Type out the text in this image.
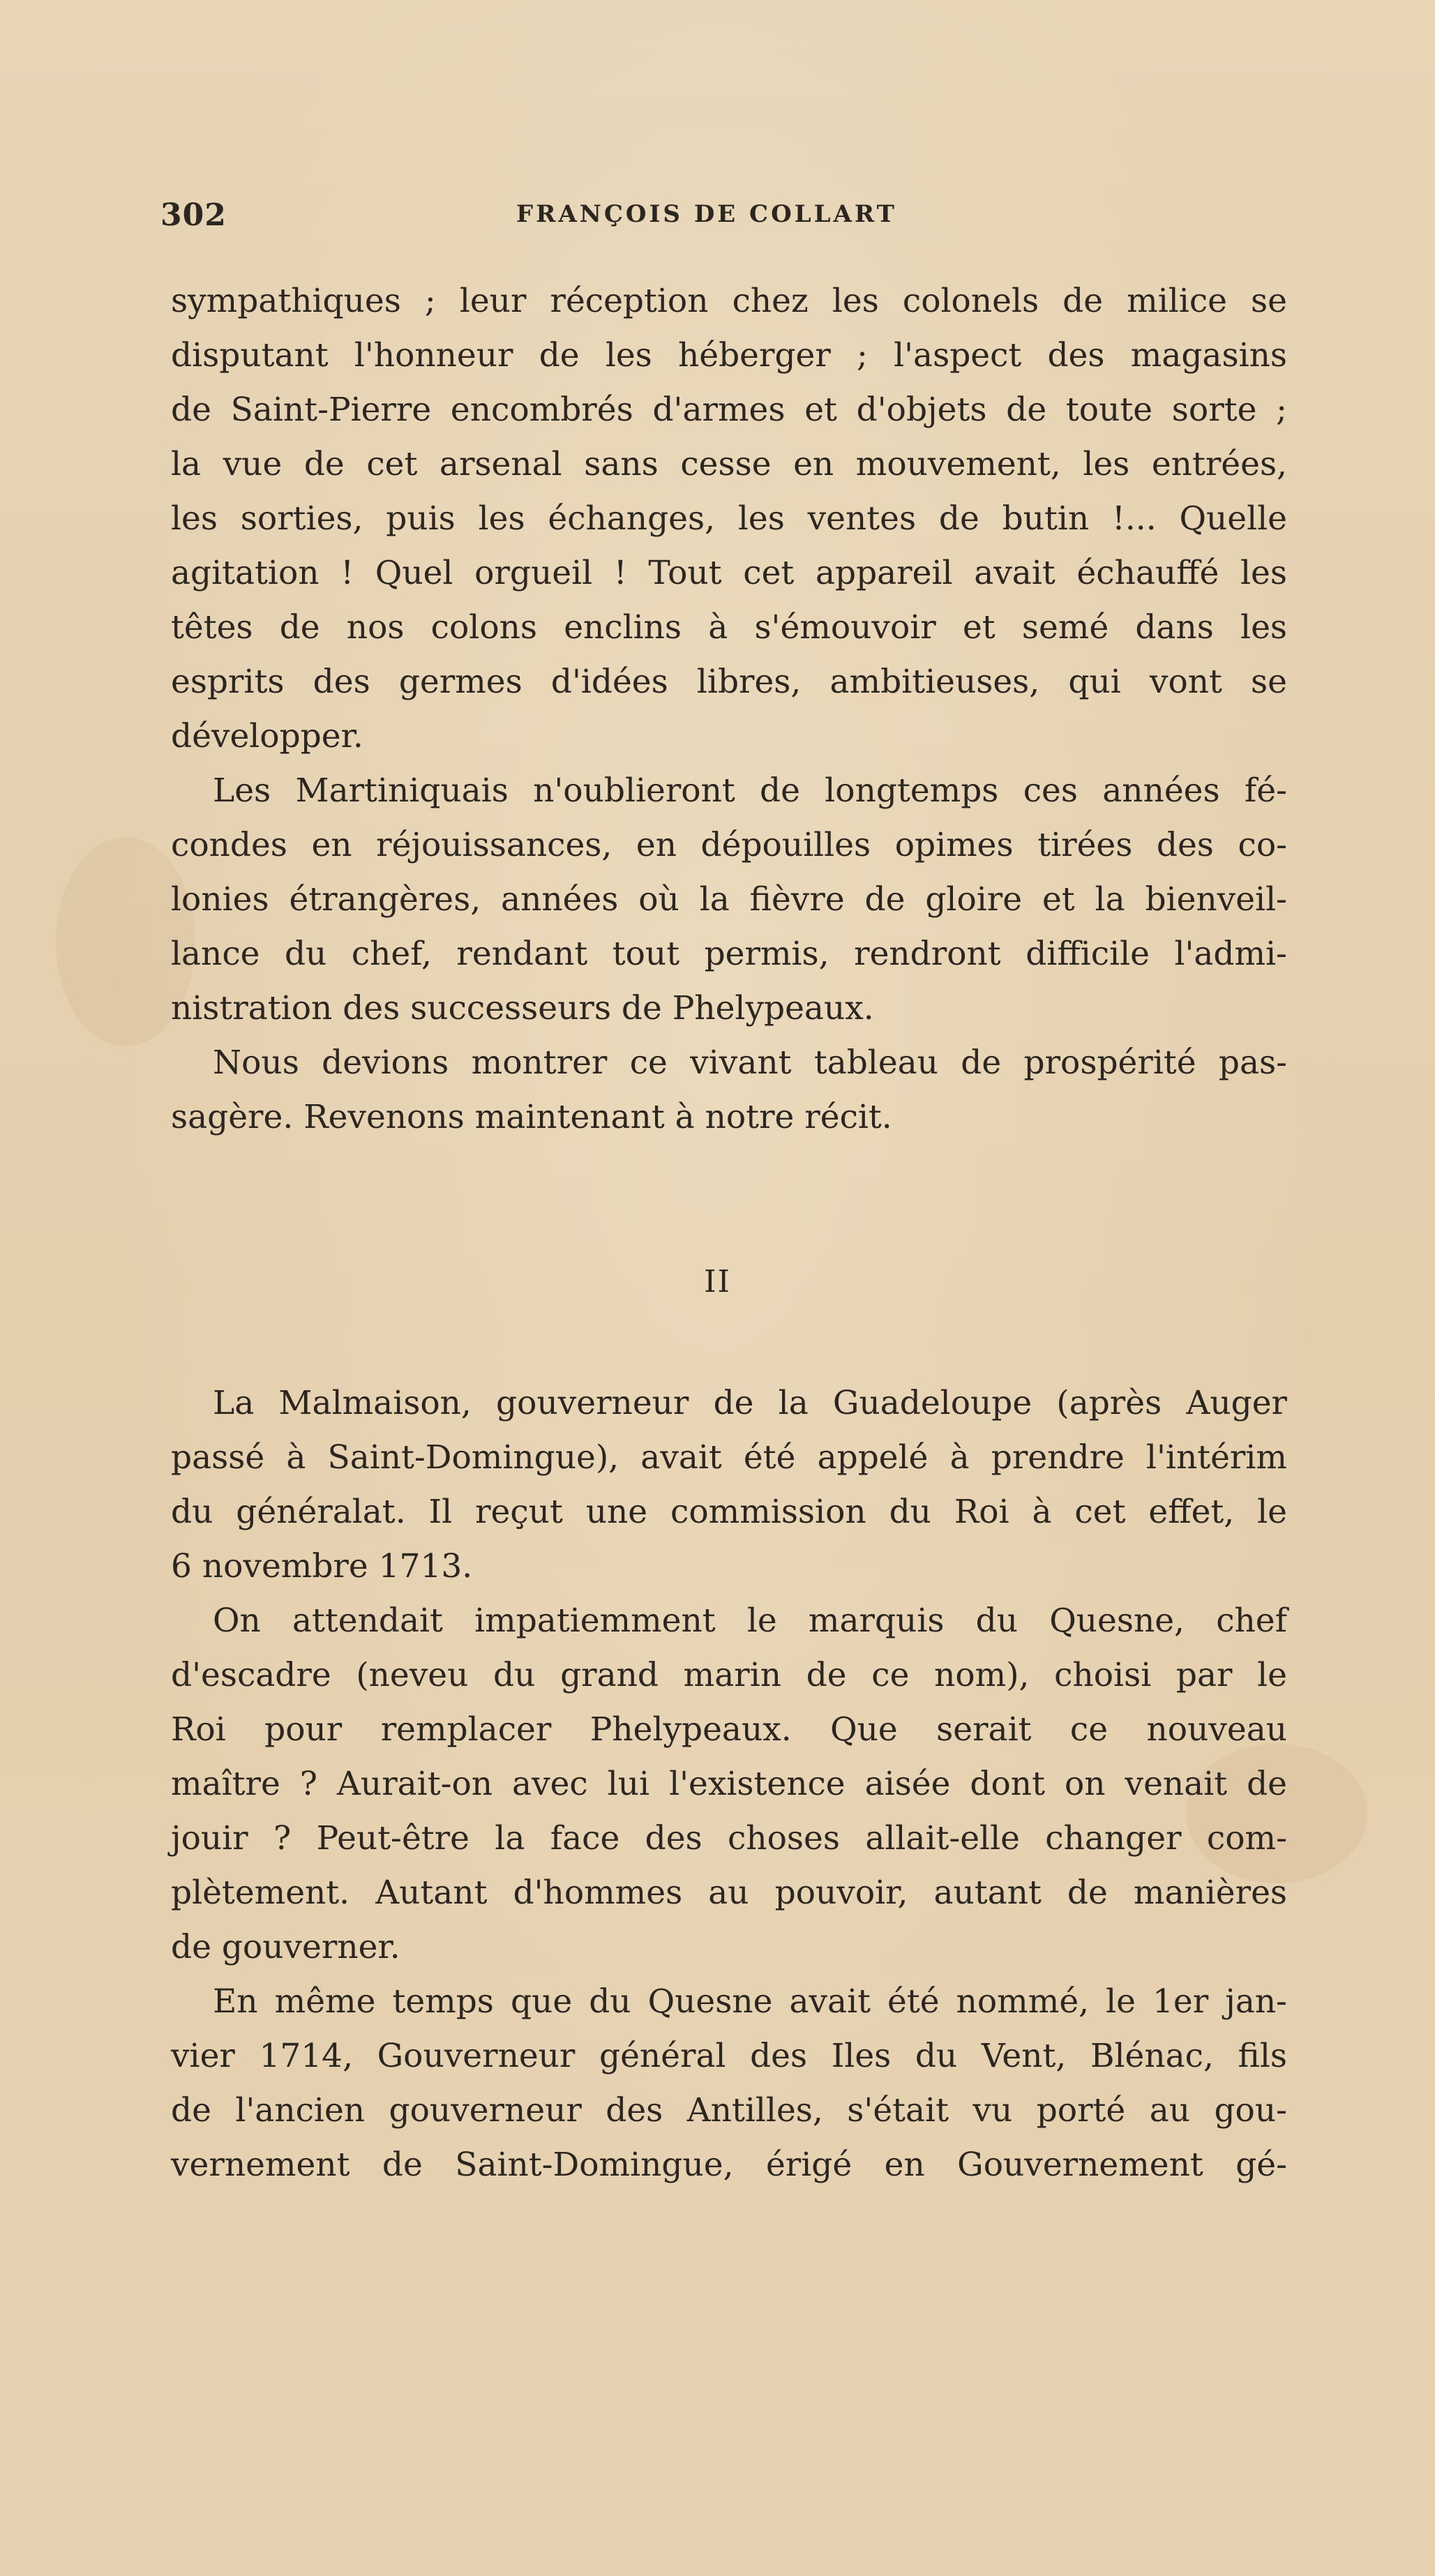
302	FRANÇOIS DE COLLART
sympathiques ; leur réception chez les colonels de milice se
disputant l'honneur de les héberger ; l'aspect des magasins
de Saint-Pierre encombrés d'armes et d'objets de toute sorte ;
la vue de cet arsenal sans cesse en mouvement, les entrées,
les sorties, puis les échanges, les ventes de butin !... Quelle
agitation ! Quel orgueil ! Tout cet appareil avait échauffé les
têtes de nos colons enclins à s'émouvoir et semé dans les
esprits des germes d'idées libres, ambitieuses, qui vont se
développer.
Les Martiniquais n'oublieront de longtemps ces années fé-
condes en réjouissances, en dépouilles opimes tirées des co-
lonies étrangères, années où la fièvre de gloire et la bienveil-
lance du chef, rendant tout permis, rendront difficile l'admi-
nistration des successeurs de Phelypeaux.
Nous devions montrer ce vivant tableau de prospérité pas-
sagère. Revenons maintenant à notre récit.
II
La Malmaison, gouverneur de la Guadeloupe (après Auger
passé à Saint-Domingue), avait été appelé à prendre l'intérim
du généralat. Il reçut une commission du Roi à cet effet, le
6 novembre 1713.
On attendait impatiemment le marquis du Quesne, chef
d'escadre (neveu du grand marin de ce nom), choisi par le
Roi pour remplacer Phelypeaux. Que serait ce nouveau
maître ? Aurait-on avec lui l'existence aisée dont on venait de
jouir ? Peut-être la face des choses allait-elle changer com-
plètement. Autant d'hommes au pouvoir, autant de manières
de gouverner.
En même temps que du Quesne avait été nommé, le 1er jan-
vier 1714, Gouverneur général des Iles du Vent, Blénac, fils
de l'ancien gouverneur des Antilles, s'était vu porté au gou-
vernement de Saint-Domingue, érigé en Gouvernement gé-
